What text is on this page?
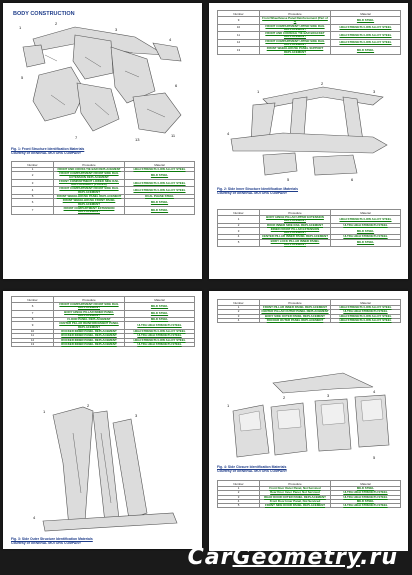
BODY CONSTRUCTION
1
2
3
4
5
6
7	13
11
Fig. 1: Front Structure Identification Materials
Courtesy of GENERAL MOTORS COMPANY
Number	Procedure	Material
1	FRONT END CROSS TIE BAR REPLACEMENT	HIGH STRENGTH LOW ALLOY STEEL
2	FRONT COMPARTMENT FRONT SIDE RAIL EXTENSION REPLACEMENT	MILD STEEL
3	FRONT COMPARTMENT LOWER SIDE RAIL REPLACEMENT (LOWER)	HIGH STRENGTH LOW ALLOY STEEL
4	FRONT COMPARTMENT FRONT SIDE RAIL REPLACEMENT	HIGH STRENGTH LOW ALLOY STEEL
5	FRONT WHEELHOUSE PANEL REPLACEMENT	DUAL PHASE STEEL
6	FRONT WHEELHOUSE FRONT PANEL REPLACEMENT	MILD STEEL
7	FRONT COMPARTMENT EXTENSION REPLACEMENT	MILD STEEL
Number	Procedure	Material
9	Front Wheelhouse Panel Reinforcement (Part of 8)	MILD STEEL
10	FRONT COMPARTMENT UPPER SIDE RAIL REPLACEMENT	HIGH STRENGTH LOW ALLOY STEEL
11	FRONT AND CONSOLE TIE BAR BRACKET REPLACEMENT	HIGH STRENGTH LOW ALLOY STEEL
12	FRONT COMPARTMENT UPPER SIDE RAIL REPLACEMENT	HIGH STRENGTH LOW ALLOY STEEL
13	FRONT WHEELHOUSE PANEL SUPPORT REPLACEMENT	MILD STEEL
1
2
3
4
5	6
Fig. 2: Side Inner Structure Identification Materials
Courtesy of GENERAL MOTORS COMPANY
Number	Procedure	Material
1	BODY HINGE PILLAR UPPER EXTENSION REPLACEMENT	HIGH STRENGTH LOW ALLOY STEEL
2	ROOF INNER SIDE RAIL REPLACEMENT	ULTRA HIGH STRENGTH STEEL
3	INNER FRONT PILLAR EXTENSION REPLACEMENT	MILD STEEL
4	CENTER PILLAR INNER PANEL REPLACEMENT	ULTRA HIGH STRENGTH STEEL
5	BODY LOCK PILLAR INNER PANEL REPLACEMENT	MILD STEEL
Number	Procedure	Material
6	FRONT COMPARTMENT FRONT SIDE RAIL REPLACEMENT	MILD STEEL
7	BODY HINGE PILLAR INNER PANEL REPLACEMENT	MILD STEEL
8	FLOOR PANEL REPLACEMENT	MILD STEEL
9	CENTER PILLAR REINFORCEMENT PANEL REPLACEMENT	ULTRA HIGH STRENGTH STEEL
10	ROCKER INNER PANEL REPLACEMENT	HIGH STRENGTH LOW ALLOY STEEL
11	ROCKER INNER PANEL REPLACEMENT	ULTRA HIGH STRENGTH STEEL
12	ROCKER INNER PANEL REPLACEMENT	HIGH STRENGTH LOW ALLOY STEEL
13	ROCKER INNER PANEL REPLACEMENT	ULTRA HIGH STRENGTH STEEL
1
2
3
4
Fig. 3: Side Outer Structure Identification Materials
Courtesy of GENERAL MOTORS COMPANY
Number	Procedure	Material
1	FRONT PILLAR INNER PANEL REPLACEMENT	HIGH STRENGTH LOW ALLOY STEEL
2	CENTER PILLAR OUTER PANEL REPLACEMENT	ULTRA HIGH STRENGTH STEEL
3	BODY SIDE OUTER PANEL REPLACEMENT	HIGH STRENGTH LOW ALLOY STEEL
4	ROCKER OUTER PANEL REPLACEMENT	HIGH STRENGTH LOW ALLOY STEEL
1
2	3
4
5
Fig. 4: Side Closure Identification Materials
Courtesy of GENERAL MOTORS COMPANY
Number	Procedure	Material
1	Front Door Outer Panel, Not Serviced	MILD STEEL
2	Rear Door Inner Panel, Not Serviced	ULTRA HIGH STRENGTH STEEL
3	REAR DOOR OUTER PANEL REPLACEMENT	ULTRA HIGH STRENGTH STEEL
4	Front Door Inner Panel, Not Serviced	MILD STEEL
5	FRONT SIDE DOOR PANEL REPLACEMENT	ULTRA HIGH STRENGTH STEEL
CarGeometry.ru
